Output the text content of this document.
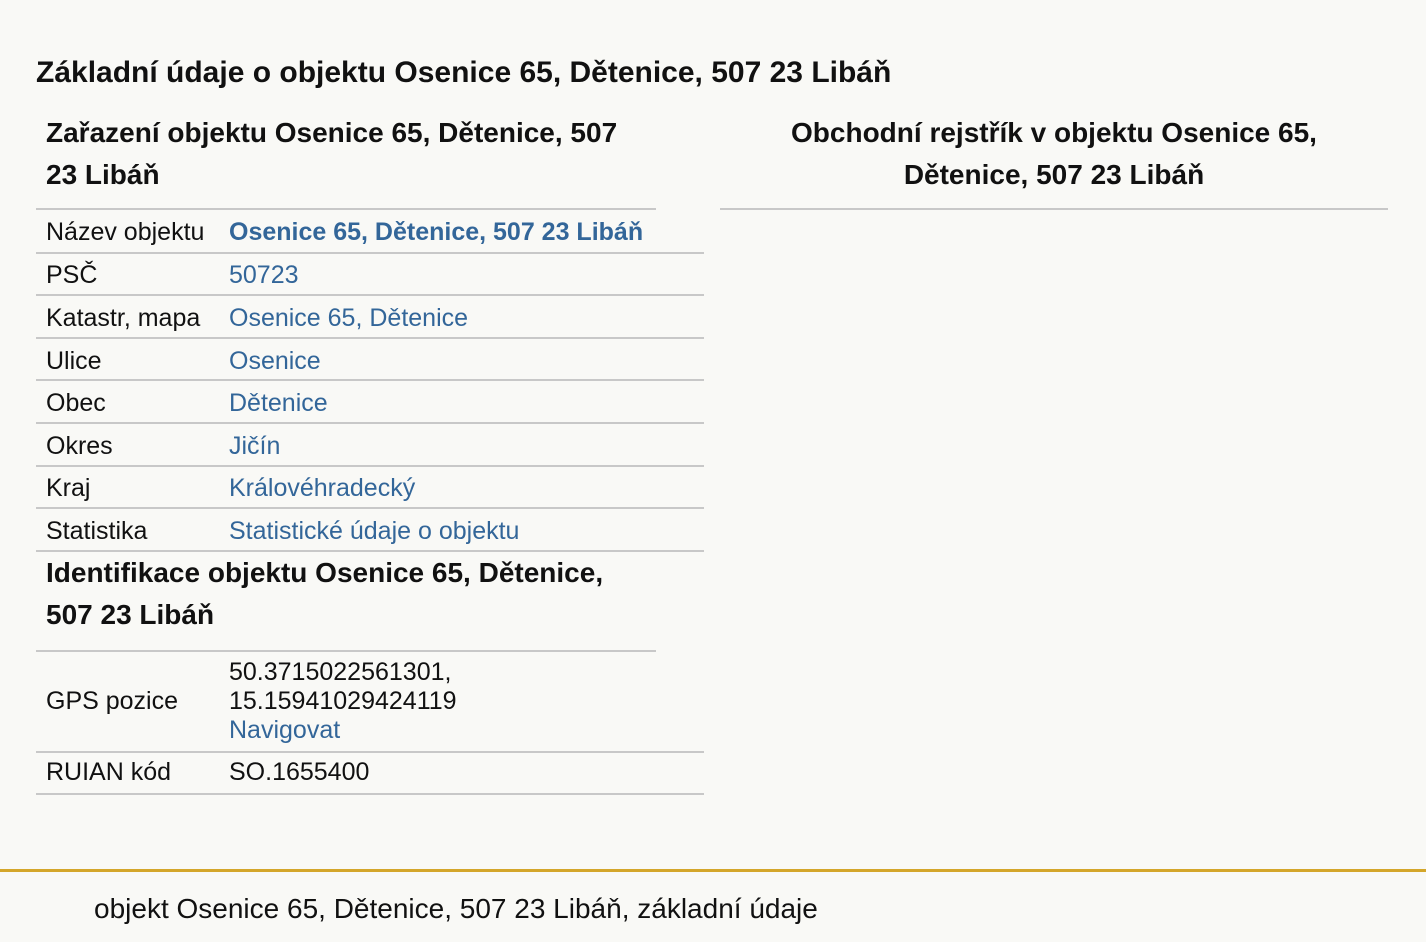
Základní údaje o objektu Osenice 65, Dětenice, 507 23 Libáň
Zařazení objektu Osenice 65, Dětenice, 507 23 Libáň
Název objektu	Osenice 65, Dětenice, 507 23 Libáň
PSČ	50723
Katastr, mapa	Osenice 65, Dětenice
Ulice	Osenice
Obec	Dětenice
Okres	Jičín
Kraj	Královéhradecký
Statistika	Statistické údaje o objektu
Identifikace objektu Osenice 65, Dětenice, 507 23 Libáň
GPS pozice	50.3715022561301,
15.15941029424119
Navigovat

RUIAN kód	SO.1655400
Obchodní rejstřík v objektu Osenice 65, Dětenice, 507 23 Libáň
objekt Osenice 65, Dětenice, 507 23 Libáň, základní údaje
